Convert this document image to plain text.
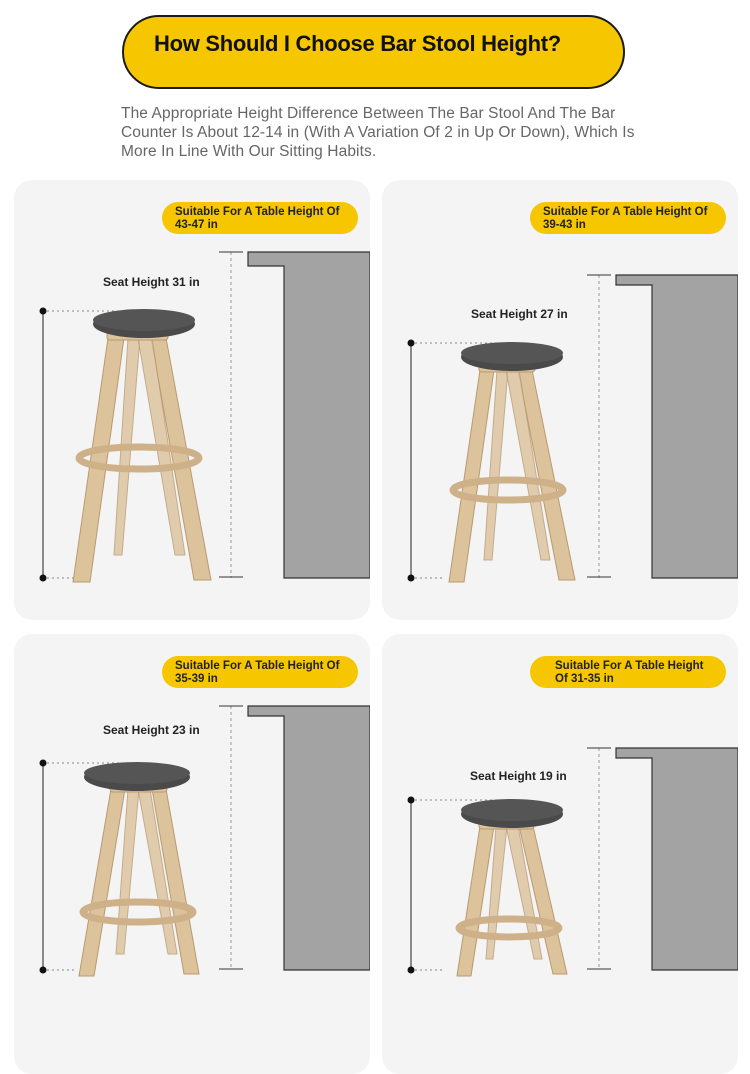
How Should I Choose Bar Stool Height?
The Appropriate Height Difference Between The Bar Stool And The Bar Counter Is About 12-14 in (With A Variation Of 2 in Up Or Down), Which Is More In Line With Our Sitting Habits.
Suitable For A Table Height Of 43-47 in
Seat Height 31 in
Suitable For A Table Height Of 39-43 in
Seat Height 27 in
Suitable For A Table Height Of 35-39 in
Seat Height 23 in
Suitable For A Table Height Of 31-35 in
Seat Height 19 in
